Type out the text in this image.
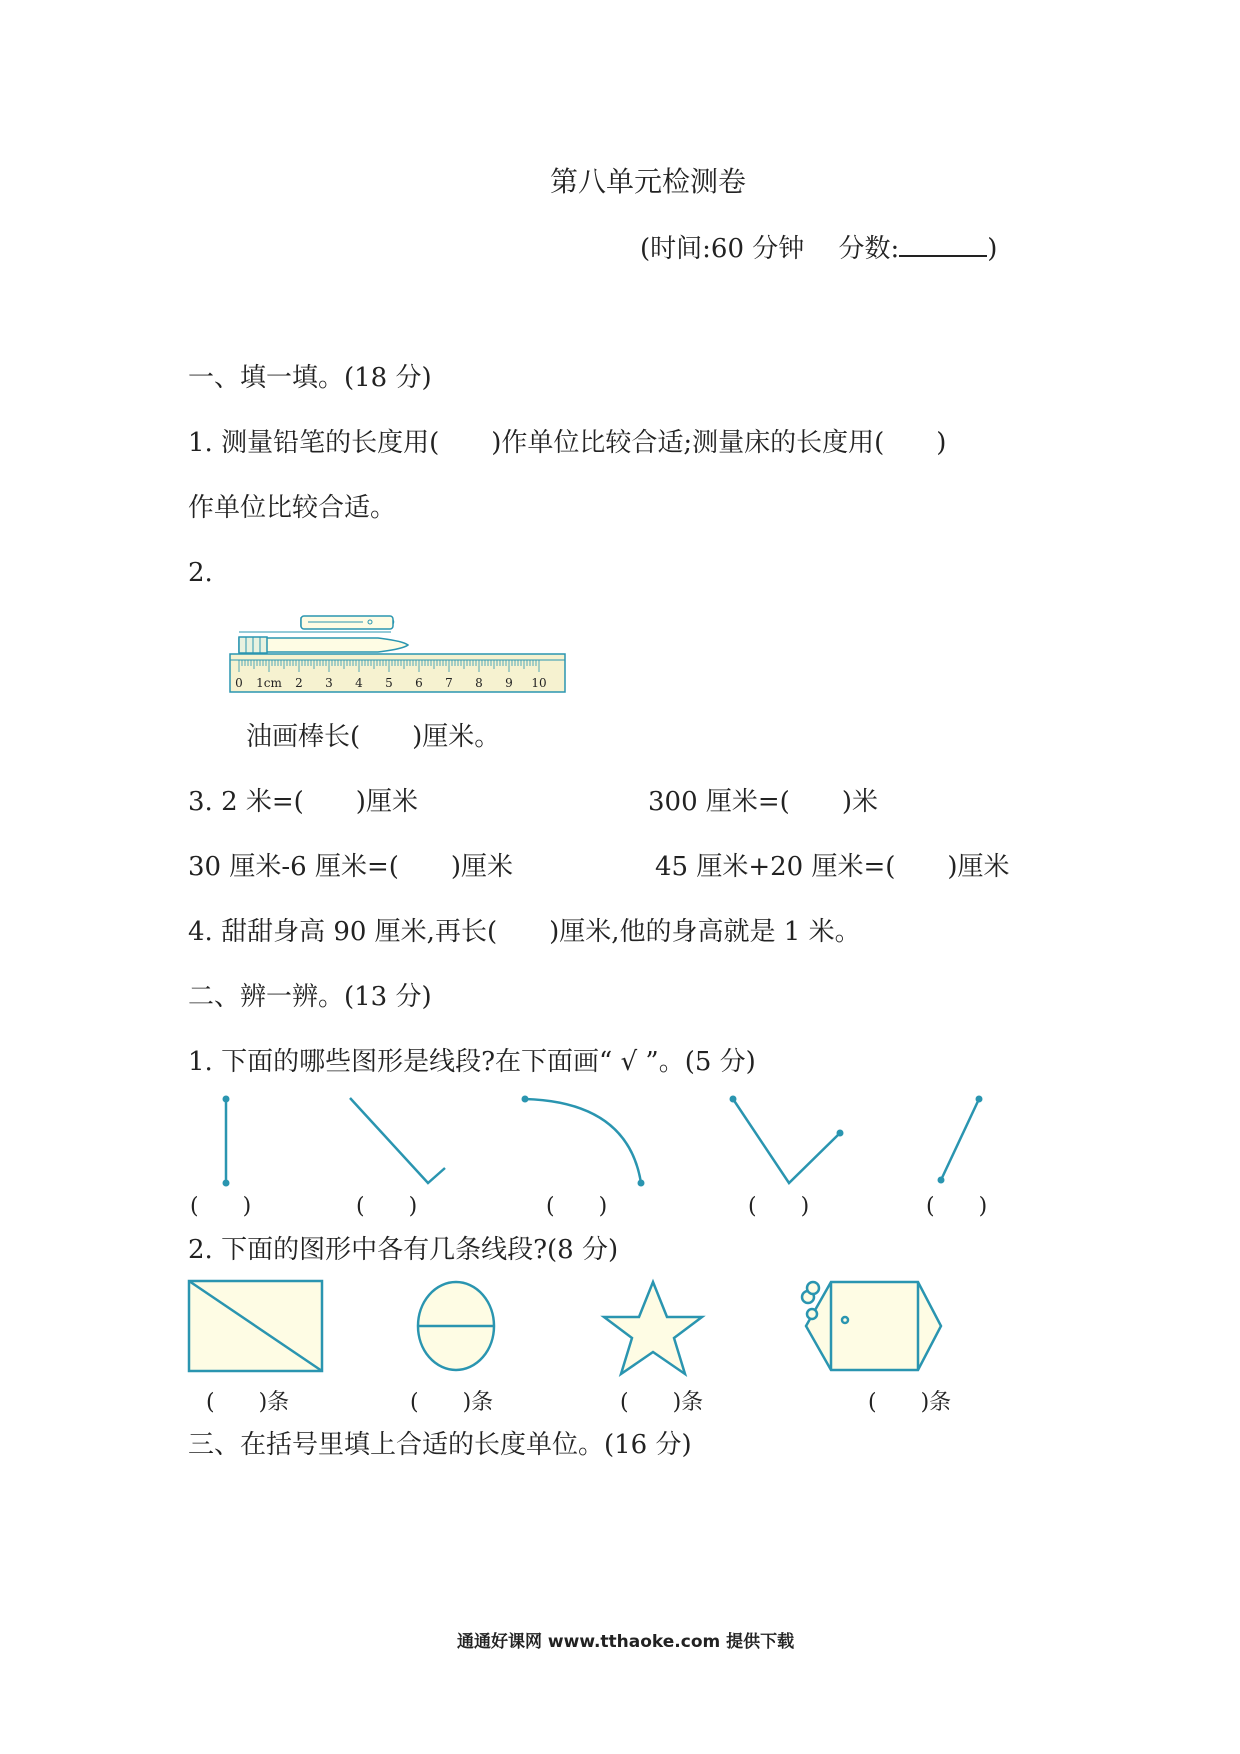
第八单元检测卷
(时间:60 分钟　 分数:	)
一、填一填。(18 分)
1. 测量铅笔的长度用(　　)作单位比较合适;测量床的长度用(　　)
作单位比较合适。
2.
0 1cm 2 3 4 5 6 7 8 9 10
油画棒长(　　)厘米。
3. 2 米=(　　)厘米	300 厘米=(　　)米
30 厘米-6 厘米=(　　)厘米	45 厘米+20 厘米=(　　)厘米
4. 甜甜身高 90 厘米,再长(　　)厘米,他的身高就是 1 米。
二、辨一辨。(13 分)
1. 下面的哪些图形是线段?在下面画“ √ ”。(5 分)
(　　)	(　　)	(　　)	(　　)	(　　)
2. 下面的图形中各有几条线段?(8 分)
(　　)条	(　　)条	(　　)条	(　　)条
三、在括号里填上合适的长度单位。(16 分)
通通好课网 www.tthaoke.com 提供下载
